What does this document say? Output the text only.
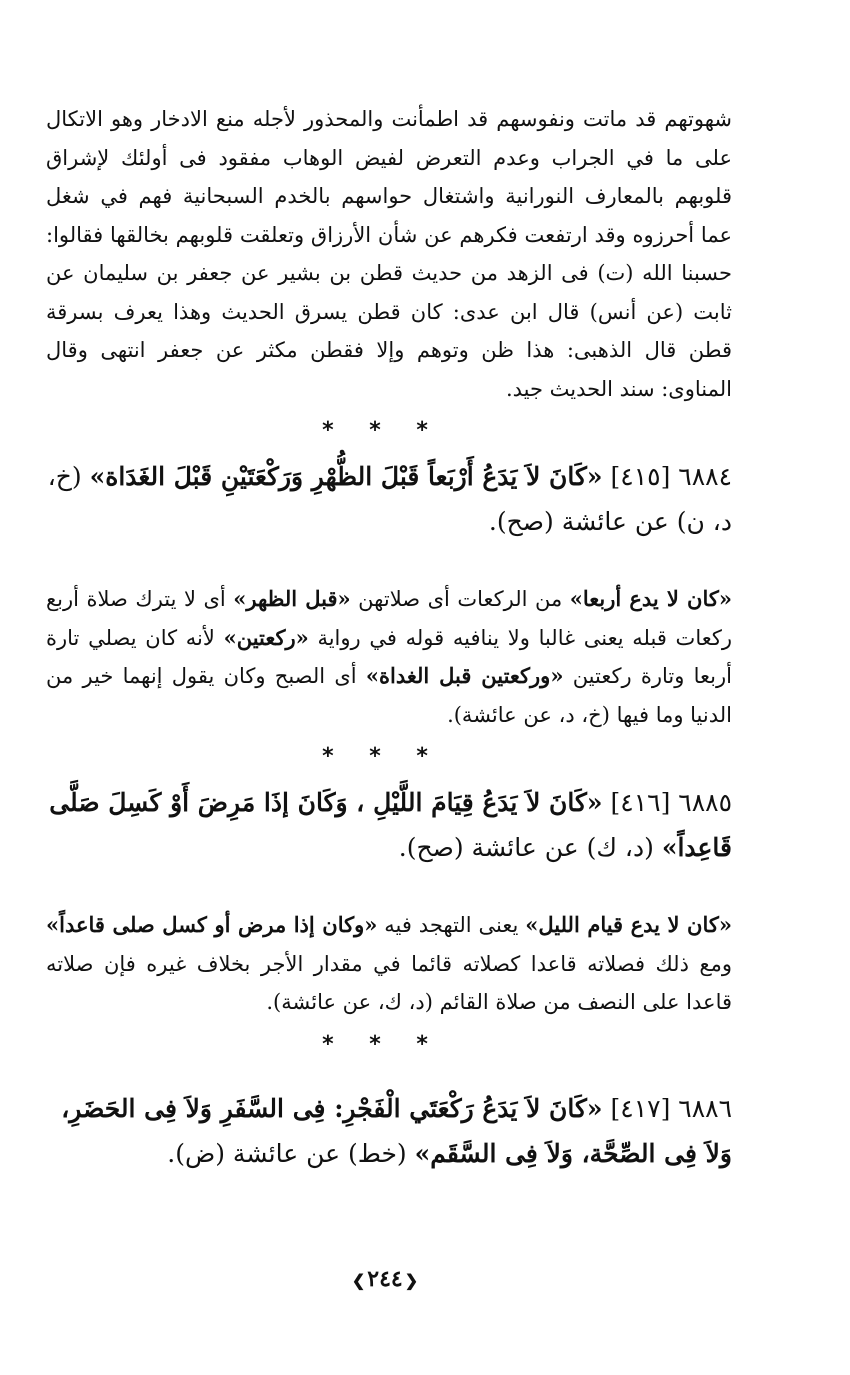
شهوتهم قد ماتت ونفوسهم قد اطمأنت والمحذور لأجله منع الادخار وهو الاتكال على ما في الجراب وعدم التعرض لفيض الوهاب مفقود فى أولئك لإشراق قلوبهم بالمعارف النورانية واشتغال حواسهم بالخدم السبحانية فهم في شغل عما أحرزوه وقد ارتفعت فكرهم عن شأن الأرزاق وتعلقت قلوبهم بخالقها فقالوا: حسبنا الله (ت) فى الزهد من حديث قطن بن بشير عن جعفر بن سليمان عن ثابت (عن أنس) قال ابن عدى: كان قطن يسرق الحديث وهذا يعرف بسرقة قطن قال الذهبى: هذا ظن وتوهم وإلا فقطن مكثر عن جعفر انتهى وقال المناوى: سند الحديث جيد.

* * *

٦٨٨٤ [٤١٥] «كَانَ لاَ يَدَعُ أَرْبَعاً قَبْلَ الظُّهْرِ وَرَكْعَتَيْنِ قَبْلَ الغَدَاة» (خ، د، ن) عن عائشة (صح).

«كان لا يدع أربعا» من الركعات أى صلاتهن «قبل الظهر» أى لا يترك صلاة أربع ركعات قبله يعنى غالبا ولا ينافيه قوله في رواية «ركعتين» لأنه كان يصلي تارة أربعا وتارة ركعتين «وركعتين قبل الغداة» أى الصبح وكان يقول إنهما خير من الدنيا وما فيها (خ، د، عن عائشة).

* * *

٦٨٨٥ [٤١٦] «كَانَ لاَ يَدَعُ قِيَامَ اللَّيْلِ ، وَكَانَ إذَا مَرِضَ أَوْ كَسِلَ صَلَّى قَاعِداً» (د، ك) عن عائشة (صح).

«كان لا يدع قيام الليل» يعنى التهجد فيه «وكان إذا مرض أو كسل صلى قاعداً» ومع ذلك فصلاته قاعدا كصلاته قائما في مقدار الأجر بخلاف غيره فإن صلاته قاعدا على النصف من صلاة القائم (د، ك، عن عائشة).

* * *

٦٨٨٦ [٤١٧] «كَانَ لاَ يَدَعُ رَكْعَتَي الْفَجْرِ: فِى السَّفَرِ وَلاَ فِى الحَضَرِ، وَلاَ فِى الصِّحَّة، وَلاَ فِى السَّقَم» (خط) عن عائشة (ض).

❮٢٤٤❯
